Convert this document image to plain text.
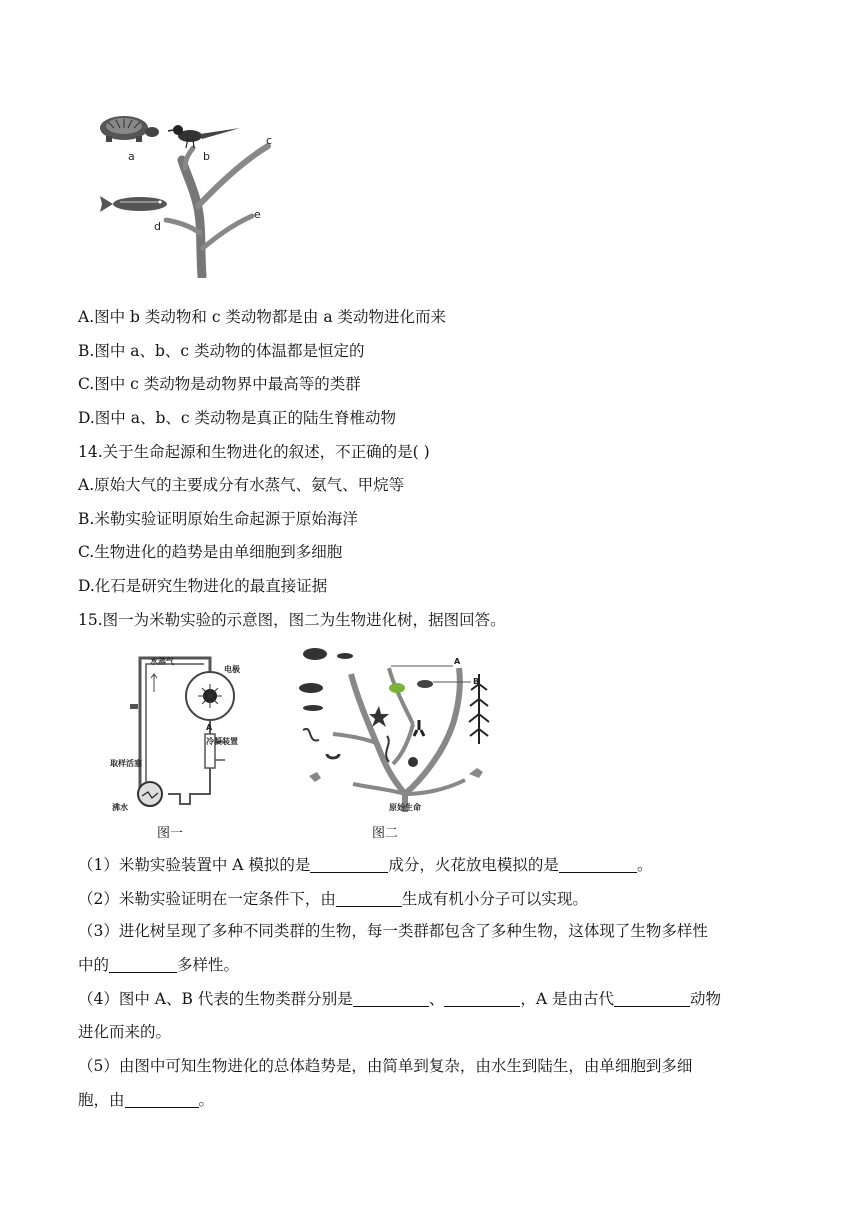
a	b
c
d
e
A.图中 b 类动物和 c 类动物都是由 a 类动物进化而来
B.图中 a、b、c 类动物的体温都是恒定的
C.图中 c 类动物是动物界中最高等的类群
D.图中 a、b、c 类动物是真正的陆生脊椎动物
14.关于生命起源和生物进化的叙述，不正确的是( )
A.原始大气的主要成分有水蒸气、氨气、甲烷等
B.米勒实验证明原始生命起源于原始海洋
C.生物进化的趋势是由单细胞到多细胞
D.化石是研究生物进化的最直接证据
15.图一为米勒实验的示意图，图二为生物进化树，据图回答。
水蒸气
电极
A
冷凝装置
取样活塞
沸水
A
B
原始生命
图一	图二
（1）米勒实验装置中 A 模拟的是	成分，火花放电模拟的是	。
（2）米勒实验证明在一定条件下，由	生成有机小分子可以实现。
（3）进化树呈现了多种不同类群的生物，每一类群都包含了多种生物，这体现了生物多样性
中的	多样性。
（4）图中 A、B 代表的生物类群分别是	、	，A 是由古代	动物
进化而来的。
（5）由图中可知生物进化的总体趋势是，由简单到复杂，由水生到陆生，由单细胞到多细
胞，由	。
